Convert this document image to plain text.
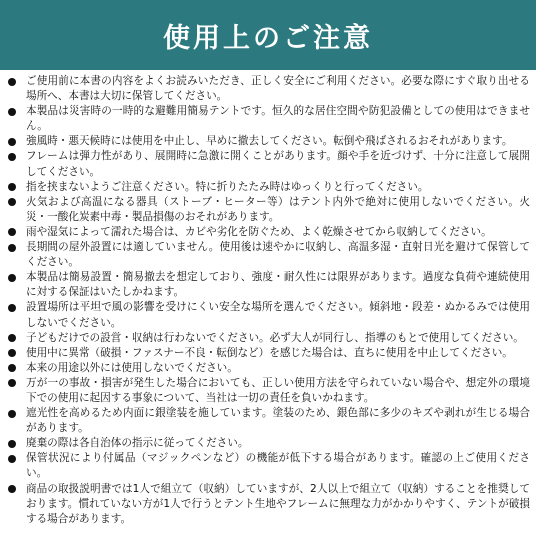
使用上のご注意
ご使用前に本書の内容をよくお読みいただき、正しく安全にご利用ください。必要な際にすぐ取り出せる場所へ、本書は大切に保管してください。
本製品は災害時の一時的な避難用簡易テントです。恒久的な居住空間や防犯設備としての使用はできません。
強風時・悪天候時には使用を中止し、早めに撤去してください。転倒や飛ばされるおそれがあります。
フレームは弾力性があり、展開時に急激に開くことがあります。顔や手を近づけず、十分に注意して展開してください。
指を挟まないようご注意ください。特に折りたたみ時はゆっくりと行ってください。
火気および高温になる器具（ストーブ・ヒーター等）はテント内外で絶対に使用しないでください。火災・一酸化炭素中毒・製品損傷のおそれがあります。
雨や湿気によって濡れた場合は、カビや劣化を防ぐため、よく乾燥させてから収納してください。
長期間の屋外設置には適していません。使用後は速やかに収納し、高温多湿・直射日光を避けて保管してください。
本製品は簡易設置・簡易撤去を想定しており、強度・耐久性には限界があります。過度な負荷や連続使用に対する保証はいたしかねます。
設置場所は平坦で風の影響を受けにくい安全な場所を選んでください。傾斜地・段差・ぬかるみでは使用しないでください。
子どもだけでの設営・収納は行わないでください。必ず大人が同行し、指導のもとで使用してください。
使用中に異常（破損・ファスナー不良・転倒など）を感じた場合は、直ちに使用を中止してください。
本来の用途以外には使用しないでください。
万が一の事故・損害が発生した場合においても、正しい使用方法を守られていない場合や、想定外の環境下での使用に起因する事象について、当社は一切の責任を負いかねます。
遮光性を高めるため内面に銀塗装を施しています。塗装のため、銀色部に多少のキズや剥れが生じる場合があります。
廃棄の際は各自治体の指示に従ってください。
保管状況により付属品（マジックペンなど）の機能が低下する場合があります。確認の上ご使用ください。
商品の取扱説明書では1人で組立て（収納）していますが、2人以上で組立て（収納）することを推奨しております。慣れていない方が1人で行うとテント生地やフレームに無理な力がかかりやすく、テントが破損する場合があります。
